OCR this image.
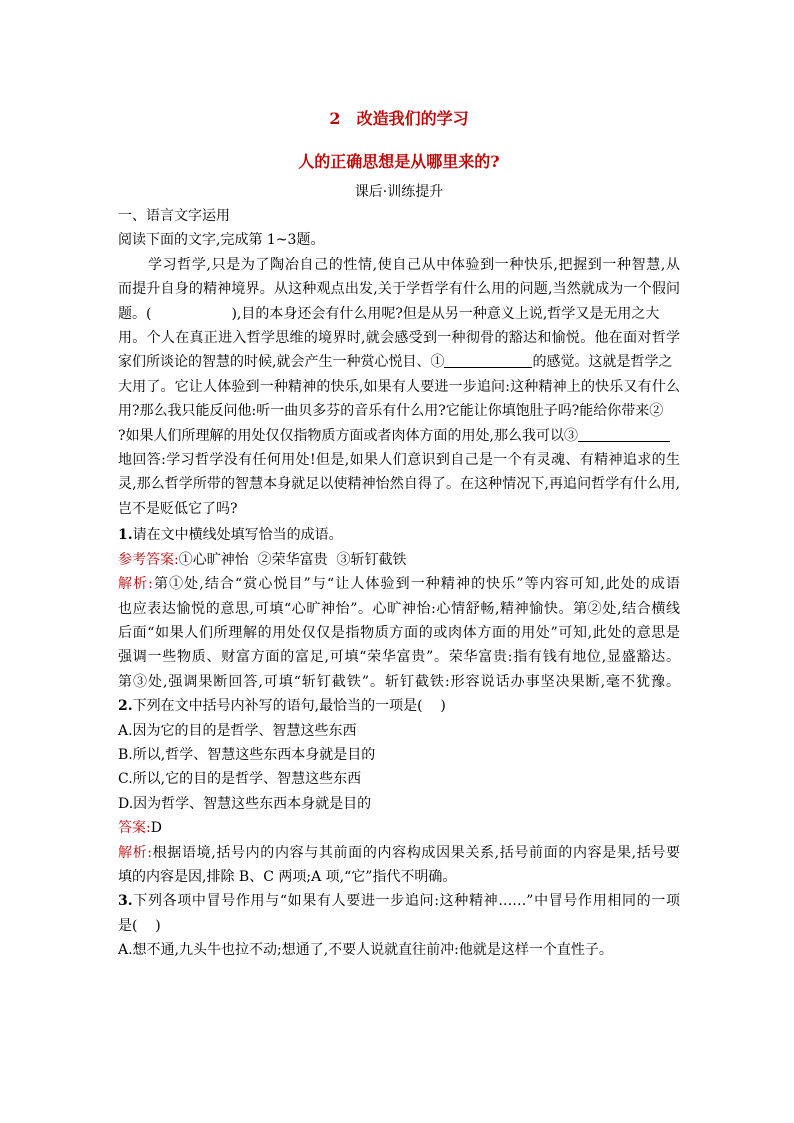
2 改造我们的学习
人的正确思想是从哪里来的?
课后·训练提升
一、语言文字运用
阅读下面的文字,完成第 1~3题。
学习哲学,只是为了陶冶自己的性情,使自己从中体验到一种快乐,把握到一种智慧,从
而提升自身的精神境界。从这种观点出发,关于学哲学有什么用的问题,当然就成为一个假问
题。(	),目的本身还会有什么用呢?但是从另一种意义上说,哲学又是无用之大
用。个人在真正进入哲学思维的境界时,就会感受到一种彻骨的豁达和愉悦。他在面对哲学
家们所谈论的智慧的时候,就会产生一种赏心悦目、①	的感觉。这就是哲学之
大用了。它让人体验到一种精神的快乐,如果有人要进一步追问:这种精神上的快乐又有什么
用?那么我只能反问他:听一曲贝多芬的音乐有什么用?它能让你填饱肚子吗?能给你带来②
?如果人们所理解的用处仅仅指物质方面或者肉体方面的用处,那么我可以③
地回答:学习哲学没有任何用处!但是,如果人们意识到自己是一个有灵魂、有精神追求的生
灵,那么哲学所带的智慧本身就足以使精神怡然自得了。在这种情况下,再追问哲学有什么用,
岂不是贬低它了吗?
1.请在文中横线处填写恰当的成语。
参考答案:①心旷神怡  ②荣华富贵  ③斩钉截铁
解析:第①处,结合“赏心悦目”与“让人体验到一种精神的快乐”等内容可知,此处的成语
也应表达愉悦的意思,可填“心旷神怡”。心旷神怡:心情舒畅,精神愉快。第②处,结合横线
后面“如果人们所理解的用处仅仅是指物质方面的或肉体方面的用处”可知,此处的意思是
强调一些物质、财富方面的富足,可填“荣华富贵”。荣华富贵:指有钱有地位,显盛豁达。
第③处,强调果断回答,可填“斩钉截铁”。斩钉截铁:形容说话办事坚决果断,毫不犹豫。
2.下列在文中括号内补写的语句,最恰当的一项是(    )
A.因为它的目的是哲学、智慧这些东西
B.所以,哲学、智慧这些东西本身就是目的
C.所以,它的目的是哲学、智慧这些东西
D.因为哲学、智慧这些东西本身就是目的
答案:D
解析:根据语境,括号内的内容与其前面的内容构成因果关系,括号前面的内容是果,括号要
填的内容是因,排除 B、C 两项;A 项,“它”指代不明确。
3.下列各项中冒号作用与“如果有人要进一步追问:这种精神……”中冒号作用相同的一项
是(    )
A.想不通,九头牛也拉不动;想通了,不要人说就直往前冲:他就是这样一个直性子。
